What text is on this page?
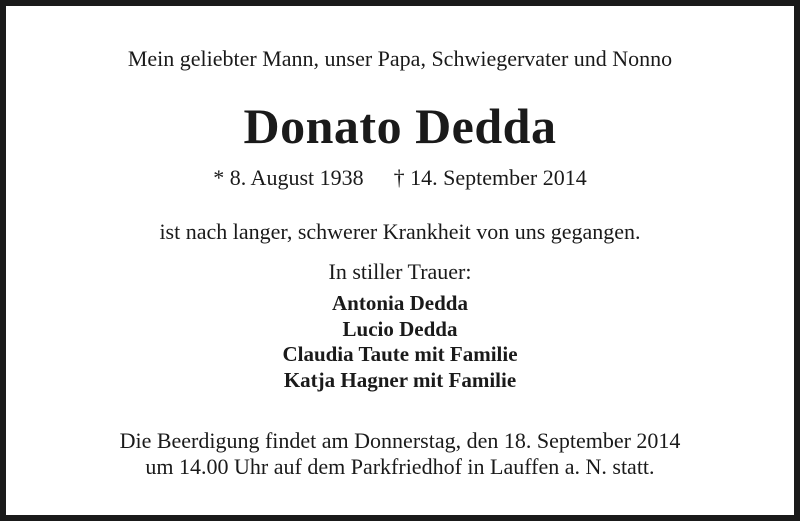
Mein geliebter Mann, unser Papa, Schwiegervater und Nonno

Donato Dedda

* 8. August 1938 † 14. September 2014

ist nach langer, schwerer Krankheit von uns gegangen.

In stiller Trauer:

Antonia Dedda
Lucio Dedda
Claudia Taute mit Familie
Katja Hagner mit Familie

Die Beerdigung findet am Donnerstag, den 18. September 2014
um 14.00 Uhr auf dem Parkfriedhof in Lauffen a. N. statt.
